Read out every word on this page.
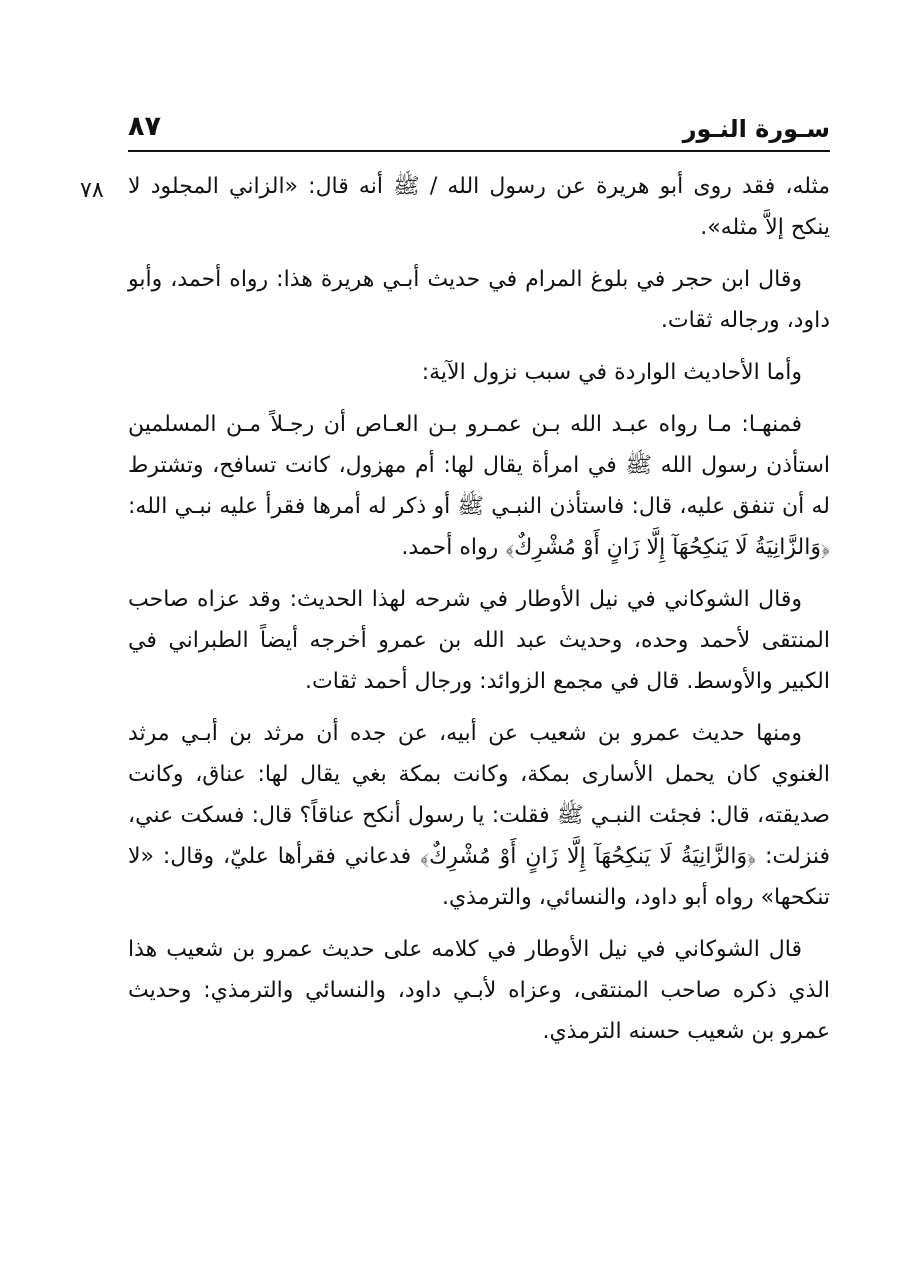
سـورة النـور
٨٧
٧٨ مثله، فقد روى أبو هريرة عن رسول الله / ﷺ أنه قال: «الزاني المجلود لا ينكح إلاَّ مثله».

وقال ابن حجر في بلوغ المرام في حديث أبـي هريرة هذا: رواه أحمد، وأبو داود، ورجاله ثقات.

وأما الأحاديث الواردة في سبب نزول الآية:

فمنهـا: مـا رواه عبـد الله بـن عمـرو بـن العـاص أن رجـلاً مـن المسلمين استأذن رسول الله ﷺ في امرأة يقال لها: أم مهزول، كانت تسافح، وتشترط له أن تنفق عليه، قال: فاستأذن النبـي ﷺ أو ذكر له أمرها فقرأ عليه نبـي الله: ﴿وَالزَّانِيَةُ لَا يَنكِحُهَآ إِلَّا زَانٍ أَوْ مُشْرِكٌ﴾ رواه أحمد.

وقال الشوكاني في نيل الأوطار في شرحه لهذا الحديث: وقد عزاه صاحب المنتقى لأحمد وحده، وحديث عبد الله بن عمرو أخرجه أيضاً الطبراني في الكبير والأوسط. قال في مجمع الزوائد: ورجال أحمد ثقات.

ومنها حديث عمرو بن شعيب عن أبيه، عن جده أن مرثد بن أبـي مرثد الغنوي كان يحمل الأسارى بمكة، وكانت بمكة بغي يقال لها: عناق، وكانت صديقته، قال: فجئت النبـي ﷺ فقلت: يا رسول أنكح عناقاً؟ قال: فسكت عني، فنزلت: ﴿وَالزَّانِيَةُ لَا يَنكِحُهَآ إِلَّا زَانٍ أَوْ مُشْرِكٌ﴾ فدعاني فقرأها عليّ، وقال: «لا تنكحها» رواه أبو داود، والنسائي، والترمذي.

قال الشوكاني في نيل الأوطار في كلامه على حديث عمرو بن شعيب هذا الذي ذكره صاحب المنتقى، وعزاه لأبـي داود، والنسائي والترمذي: وحديث عمرو بن شعيب حسنه الترمذي.
